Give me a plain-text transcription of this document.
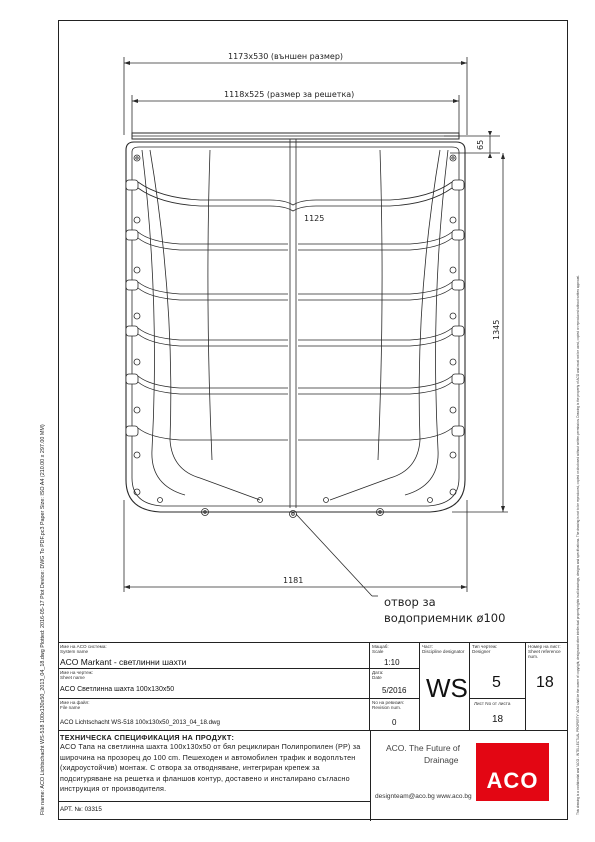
File name: ACO Lichtschacht WS-518 100x130x50_2013_04_18.dwg Plotted: 2016-05-17 Plot Device: DWG To PDF.pc3 Paper Size: ISO A4 (210.00 x 297.00 MM)	This drawing is a confidential and "ACO - INTELLECTUAL PROPERTY" ACO shall be the owner of copyright, design and other intellectual property rights in all drawings, designs and specifications. The drawing is not to be reproduced, copied or disclosed without written permission. Drawing is the property of ACO and must not be used, copied or reproduced without written approval.
1173x530 (външен размер)
1118x525 (размер за решетка)
1125
1181
65
1345
отвор за
водоприемник ø100
Име на ACO системa:
System name
ACO Markant - светлинни шахти
Име на чертеж:
Sheet name
ACO Светлинна шахта 100x130x50
Име на файл:
File name
ACO Lichtschacht WS-518 100x130x50_2013_04_18.dwg
Мащаб:
Scale
1:10
Дата:
Date
5/2016
No на ревизия:
Revision num.
0
Част:
Discipline designator
WS
Тип чертеж:
Designer
5
Лист No от листа
18
Номер на лист:
Sheet reference num.
18
ТЕХНИЧЕСКА СПЕЦИФИКАЦИЯ НА ПРОДУКТ:
ACO Тапа на светлинна шахта 100x130x50 от бял рециклиран Полипропилен (PP) за широчина на прозорец до 100 cm. Пешеходен и автомобилен трафик и водоплътен (хидроустойчив) монтаж. С отвора за отводняване, интегриран крепеж за подсигуряване на решетка и фланшов контур, доставено и инсталирано съгласно инструкция от производителя.
АРТ. №: 03315
ACO. The Future of
Drainage
designteam@aco.bg www.aco.bg
ACO
